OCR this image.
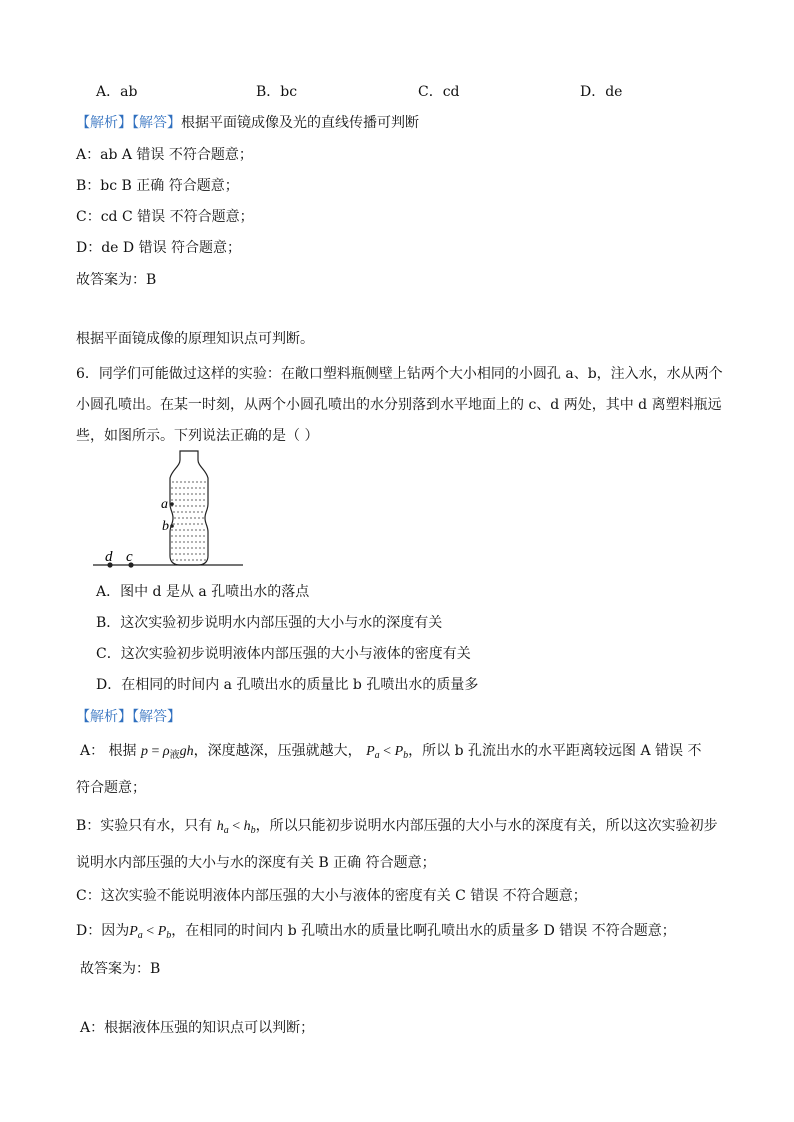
A．ab	B．bc	C．cd	D．de
【解析】【解答】根据平面镜成像及光的直线传播可判断
A：ab A 错误 不符合题意；
B：bc B 正确 符合题意；
C：cd C 错误 不符合题意；
D：de D 错误 符合题意；
故答案为：B
根据平面镜成像的原理知识点可判断。
6．同学们可能做过这样的实验：在敞口塑料瓶侧壁上钻两个大小相同的小圆孔 a、b，注入水，水从两个
小圆孔喷出。在某一时刻，从两个小圆孔喷出的水分别落到水平地面上的 c、d 两处，其中 d 离塑料瓶远
些，如图所示。下列说法正确的是（ ）
a
b
d c
A．图中 d 是从 a 孔喷出水的落点
B．这次实验初步说明水内部压强的大小与水的深度有关
C．这次实验初步说明液体内部压强的大小与液体的密度有关
D．在相同的时间内 a 孔喷出水的质量比 b 孔喷出水的质量多
【解析】【解答】
A： 根据 $p = \rho_液gh$，深度越深，压强就越大， $P_a < P_b$，所以 b 孔流出水的水平距离较远图 A 错误 不
符合题意；
B：实验只有水，只有 $h_a < h_b$，所以只能初步说明水内部压强的大小与水的深度有关，所以这次实验初步
说明水内部压强的大小与水的深度有关 B 正确 符合题意；
C：这次实验不能说明液体内部压强的大小与液体的密度有关 C 错误 不符合题意；
D：因为$P_a < P_b$，在相同的时间内 b 孔喷出水的质量比啊孔喷出水的质量多 D 错误 不符合题意；
故答案为：B
A：根据液体压强的知识点可以判断；
